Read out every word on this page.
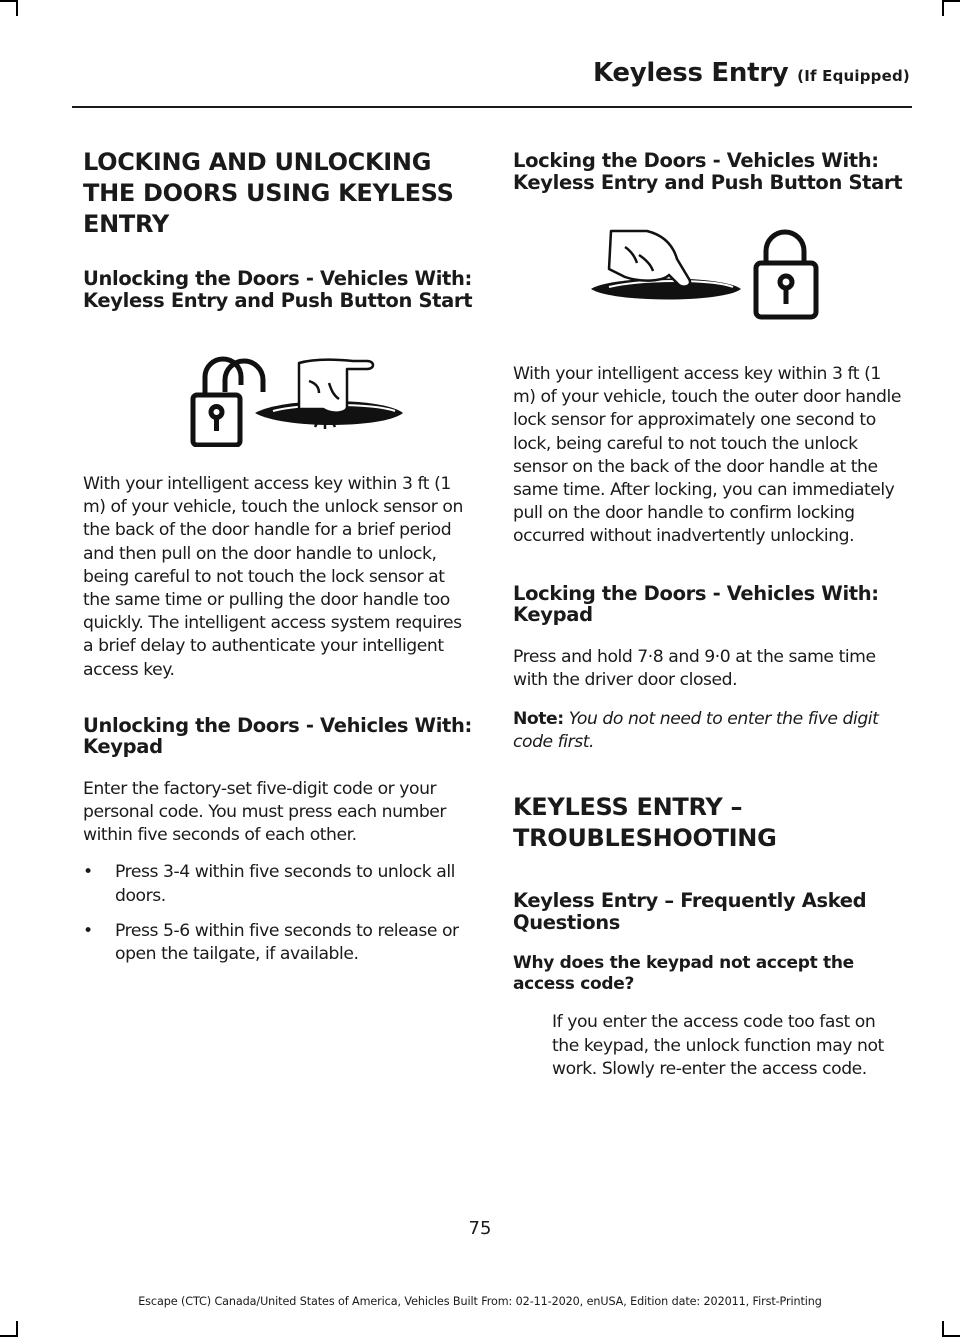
Keyless Entry (If Equipped)
LOCKING AND UNLOCKING
THE DOORS USING KEYLESS
ENTRY
Unlocking the Doors - Vehicles With: Keyless Entry and Push Button Start
With your intelligent access key within 3 ft (1 m) of your vehicle, touch the unlock sensor on the back of the door handle for a brief period and then pull on the door handle to unlock, being careful to not touch the lock sensor at the same time or pulling the door handle too quickly. The intelligent access system requires a brief delay to authenticate your intelligent access key.
Unlocking the Doors - Vehicles With: Keypad
Enter the factory-set five-digit code or your personal code. You must press each number within five seconds of each other.
•	Press 3-4 within five seconds to unlock all doors.
•	Press 5-6 within five seconds to release or open the tailgate, if available.
Locking the Doors - Vehicles With: Keyless Entry and Push Button Start
With your intelligent access key within 3 ft (1 m) of your vehicle, touch the outer door handle lock sensor for approximately one second to lock, being careful to not touch the unlock sensor on the back of the door handle at the same time. After locking, you can immediately pull on the door handle to confirm locking occurred without inadvertently unlocking.
Locking the Doors - Vehicles With: Keypad
Press and hold 7·8 and 9·0 at the same time with the driver door closed.
Note: You do not need to enter the five digit code first.
KEYLESS ENTRY –
TROUBLESHOOTING
Keyless Entry – Frequently Asked Questions
Why does the keypad not accept the access code?
If you enter the access code too fast on the keypad, the unlock function may not work. Slowly re-enter the access code.
75
Escape (CTC) Canada/United States of America, Vehicles Built From: 02-11-2020, enUSA, Edition date: 202011, First-Printing
